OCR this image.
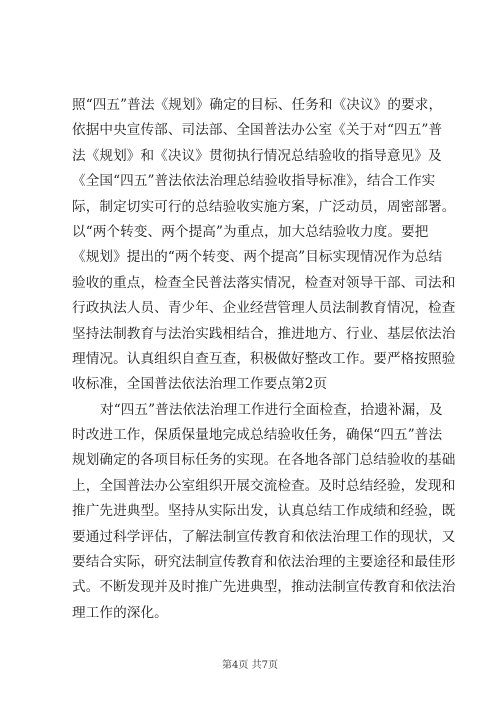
照“四五”普法《规划》确定的目标、任务和《决议》的要求，
依据中央宣传部、司法部、全国普法办公室《关于对“四五”普
法《规划》和《决议》贯彻执行情况总结验收的指导意见》及
《全国“四五”普法依法治理总结验收指导标准》，结合工作实
际，制定切实可行的总结验收实施方案，广泛动员，周密部署。
以“两个转变、两个提高”为重点，加大总结验收力度。要把
《规划》提出的“两个转变、两个提高”目标实现情况作为总结
验收的重点，检查全民普法落实情况，检查对领导干部、司法和
行政执法人员、青少年、企业经营管理人员法制教育情况，检查
坚持法制教育与法治实践相结合，推进地方、行业、基层依法治
理情况。认真组织自查互查，积极做好整改工作。要严格按照验
收标准，全国普法依法治理工作要点第2页
对“四五”普法依法治理工作进行全面检查，拾遗补漏，及
时改进工作，保质保量地完成总结验收任务，确保“四五”普法
规划确定的各项目标任务的实现。在各地各部门总结验收的基础
上，全国普法办公室组织开展交流检查。及时总结经验，发现和
推广先进典型。坚持从实际出发，认真总结工作成绩和经验，既
要通过科学评估，了解法制宣传教育和依法治理工作的现状，又
要结合实际，研究法制宣传教育和依法治理的主要途径和最佳形
式。不断发现并及时推广先进典型，推动法制宣传教育和依法治
理工作的深化。
第4页 共7页
